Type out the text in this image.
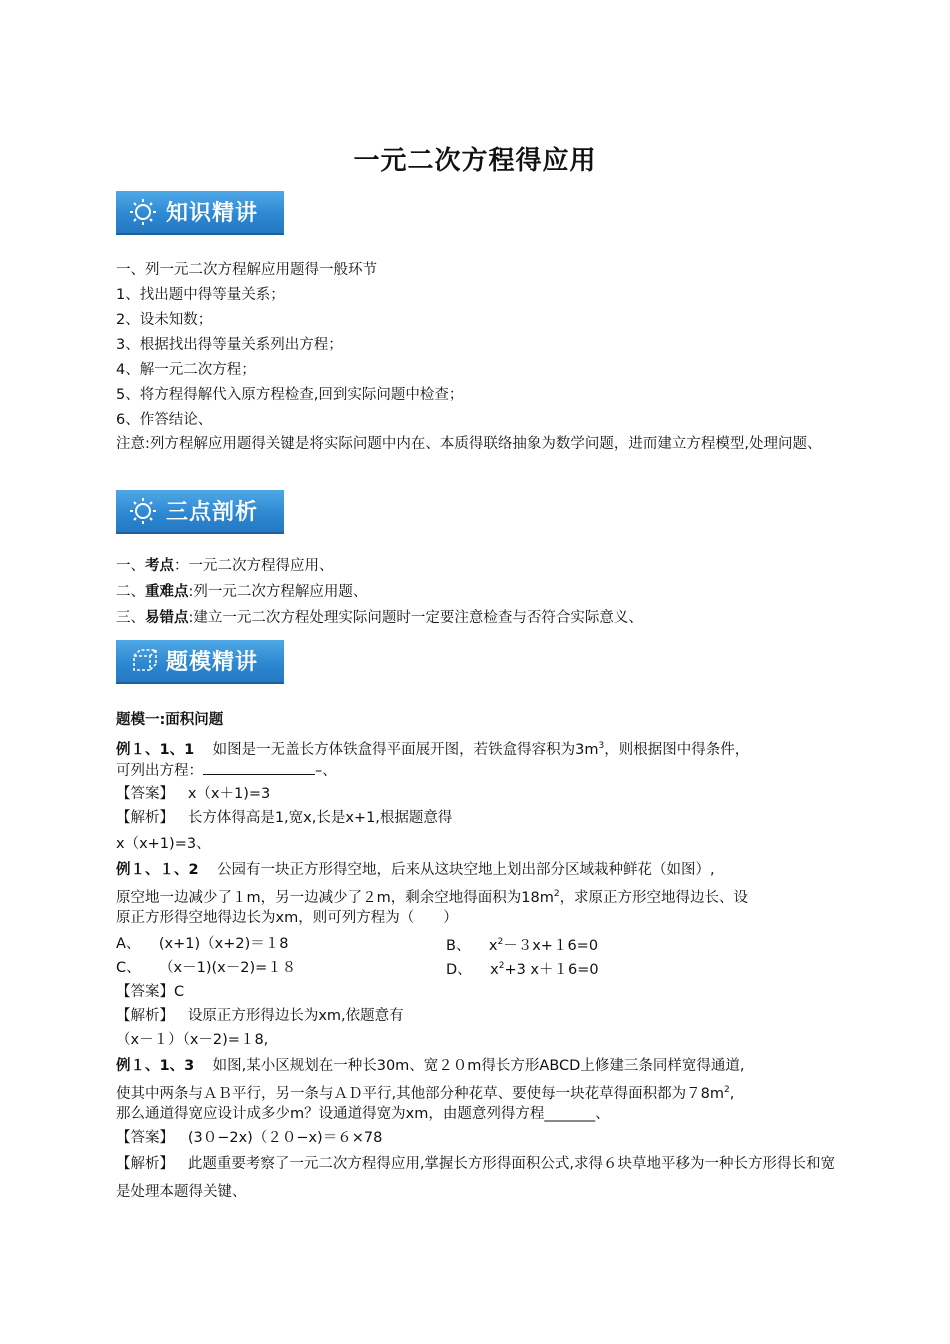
一元二次方程得应用
知识精讲
一、列一元二次方程解应用题得一般环节
1、找出题中得等量关系；
2、设未知数；
3、根据找出得等量关系列出方程；
4、解一元二次方程；
5、将方程得解代入原方程检查,回到实际问题中检查；
6、作答结论、
注意:列方程解应用题得关键是将实际问题中内在、本质得联络抽象为数学问题，进而建立方程模型,处理问题、
三点剖析
一、考点：一元二次方程得应用、
二、重难点:列一元二次方程解应用题、
三、易错点:建立一元二次方程处理实际问题时一定要注意检查与否符合实际意义、
题模精讲
题模一:面积问题
例１、1、1 如图是一无盖长方体铁盒得平面展开图，若铁盒得容积为$3m^3$，则根据图中得条件，
可列出方程：	–、
【答案】 x（x＋1)=3
【解析】 长方体得高是1,宽x,长是x+1,根据题意得
x（x+1)=3、
例１、１、2 公园有一块正方形得空地，后来从这块空地上划出部分区域栽种鲜花（如图）,
原空地一边减少了１m，另一边减少了２m，剩余空地得面积为$18m^2$，求原正方形空地得边长、设
原正方形得空地得边长为xm，则可列方程为（　　）
A、 (x+1)（x+2)＝１8	B、 $x^2-3x+16=0$
C、 （x－1)(x－2)=１８	D、 $x^2+3$ x＋１6=0
【答案】C
【解析】 设原正方形得边长为xm,依题意有
（x－１）（x－2)=１8,
例１、1、3 如图,某小区规划在一种长30m、宽２０m得长方形ABCD上修建三条同样宽得通道,
使其中两条与ＡＢ平行，另一条与ＡＤ平行,其他部分种花草、要使每一块花草得面积都为$78m^2$,
那么通道得宽应设计成多少m？设通道得宽为xm，由题意列得方程_______、
【答案】 (3０−2x)（２０−x)＝６×78
【解析】 此题重要考察了一元二次方程得应用,掌握长方形得面积公式,求得６块草地平移为一种长方形得长和宽是处理本题得关键、
